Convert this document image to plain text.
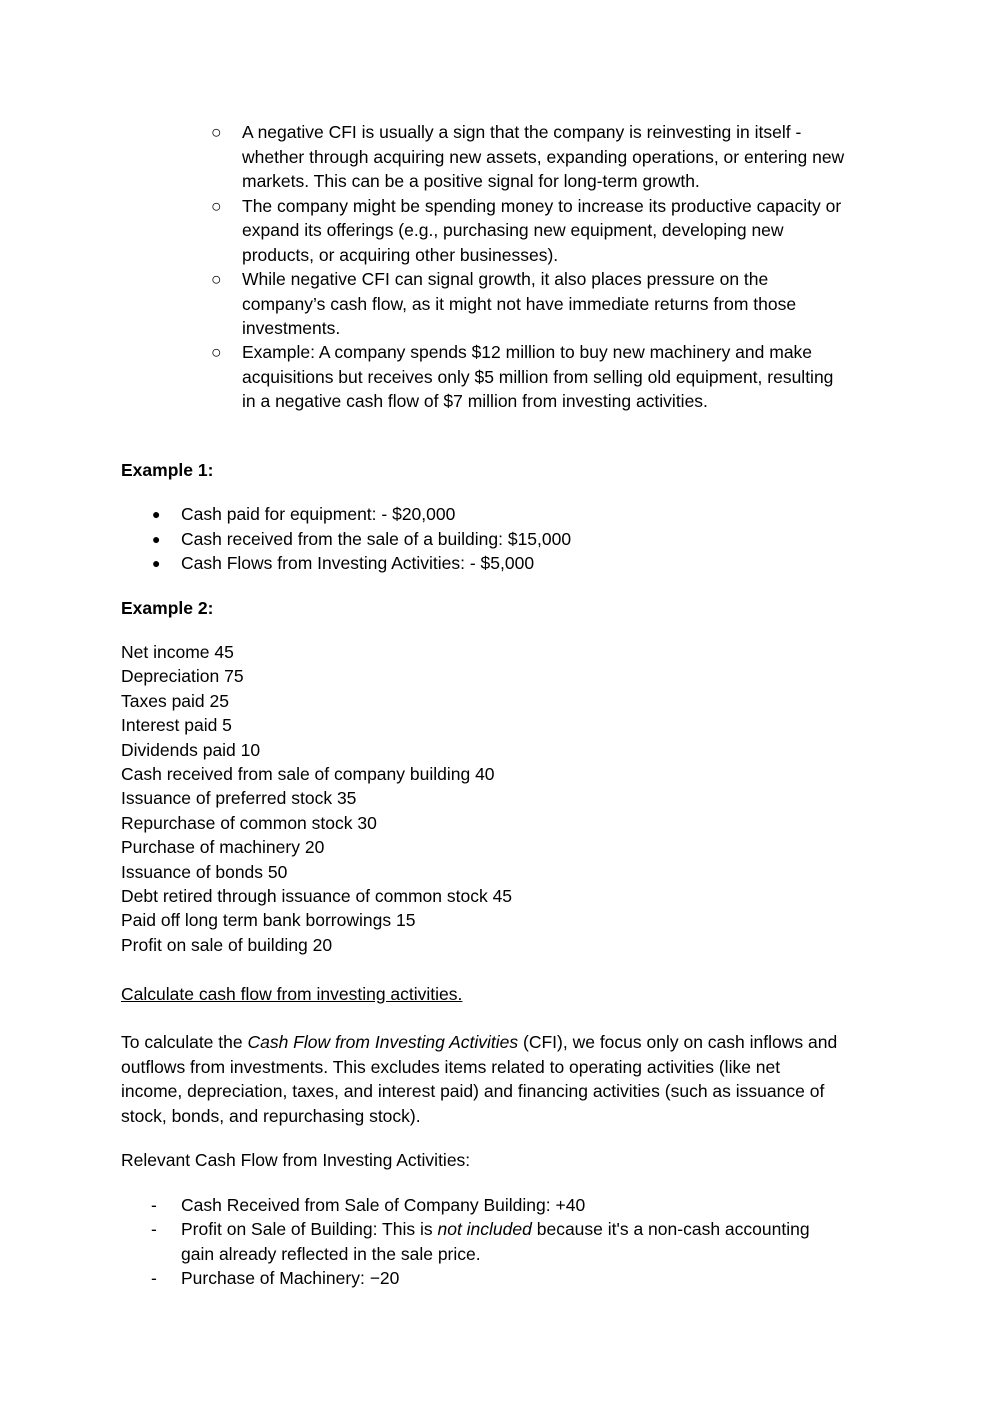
○ A negative CFI is usually a sign that the company is reinvesting in itself -
whether through acquiring new assets, expanding operations, or entering new
markets. This can be a positive signal for long-term growth.
○ The company might be spending money to increase its productive capacity or
expand its offerings (e.g., purchasing new equipment, developing new
products, or acquiring other businesses).
○ While negative CFI can signal growth, it also places pressure on the
company’s cash flow, as it might not have immediate returns from those
investments.
○ Example: A company spends $12 million to buy new machinery and make
acquisitions but receives only $5 million from selling old equipment, resulting
in a negative cash flow of $7 million from investing activities.
Example 1:
● Cash paid for equipment: - $20,000
● Cash received from the sale of a building: $15,000
● Cash Flows from Investing Activities: - $5,000
Example 2:
Net income 45
Depreciation 75
Taxes paid 25
Interest paid 5
Dividends paid 10
Cash received from sale of company building 40
Issuance of preferred stock 35
Repurchase of common stock 30
Purchase of machinery 20
Issuance of bonds 50
Debt retired through issuance of common stock 45
Paid off long term bank borrowings 15
Profit on sale of building 20
Calculate cash flow from investing activities.
To calculate the Cash Flow from Investing Activities (CFI), we focus only on cash inflows and
outflows from investments. This excludes items related to operating activities (like net
income, depreciation, taxes, and interest paid) and financing activities (such as issuance of
stock, bonds, and repurchasing stock).
Relevant Cash Flow from Investing Activities:
- Cash Received from Sale of Company Building: +40
- Profit on Sale of Building: This is not included because it's a non-cash accounting
gain already reflected in the sale price.
- Purchase of Machinery: −20
